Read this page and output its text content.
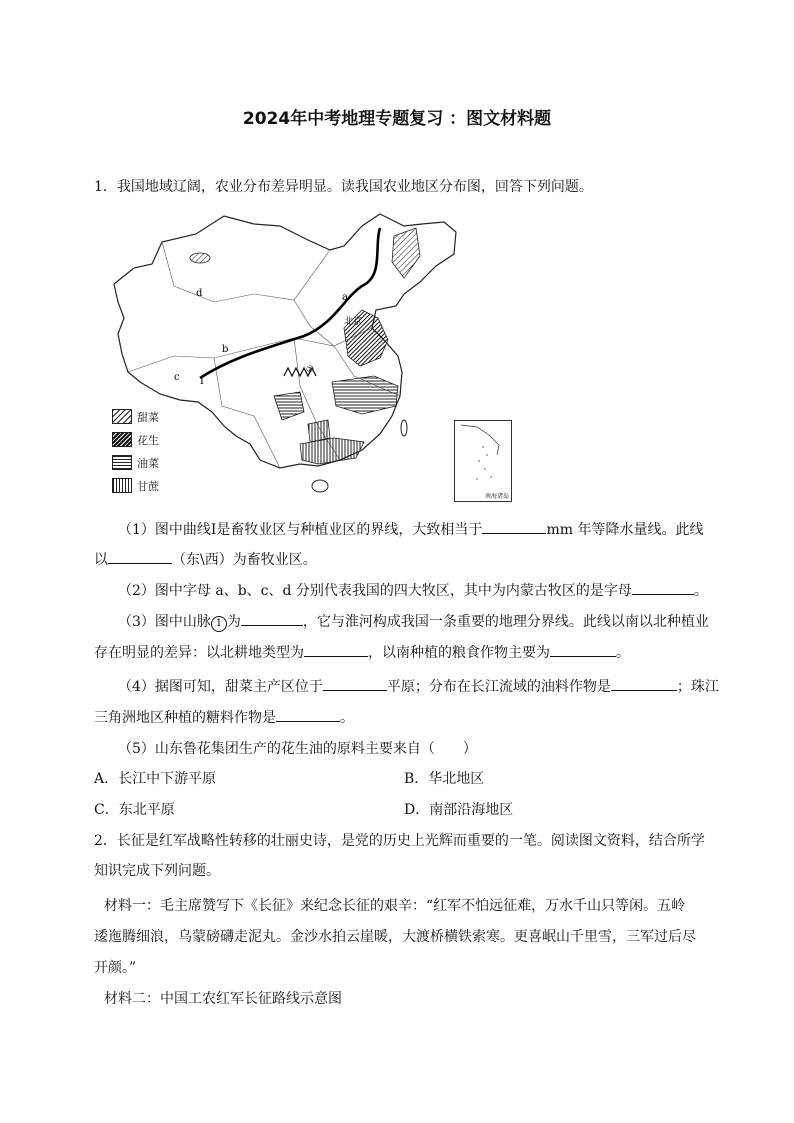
2024年中考地理专题复习 ：图文材料题
1．我国地域辽阔，农业分布差异明显。读我国农业地区分布图，回答下列问题。
d	a
b
c I
北京
①
甜菜
花生
油菜
甘蔗
南海诸岛
（1）图中曲线Ⅰ是畜牧业区与种植业区的界线，大致相当于	mm 年等降水量线。此线
以	（东\西）为畜牧业区。
（2）图中字母 a、b、c、d 分别代表我国的四大牧区，其中为内蒙古牧区的是字母	。
（3）图中山脉 1 为	，它与淮河构成我国一条重要的地理分界线。此线以南以北种植业
存在明显的差异：以北耕地类型为	，以南种植的粮食作物主要为	。
（4）据图可知，甜菜主产区位于	平原；分布在长江流域的油料作物是	；珠江
三角洲地区种植的糖料作物是	。
（5）山东鲁花集团生产的花生油的原料主要来自（　　）
A．长江中下游平原	B．华北地区
C．东北平原	D．南部沿海地区
2．长征是红军战略性转移的壮丽史诗，是党的历史上光辉而重要的一笔。阅读图文资料，结合所学
知识完成下列问题。
材料一：毛主席赞写下《长征》来纪念长征的艰辛：“红军不怕远征难，万水千山只等闲。五岭
逶迤腾细浪，乌蒙磅礴走泥丸。金沙水拍云崖暖，大渡桥横铁索寒。更喜岷山千里雪，三军过后尽
开颜。”
材料二：中国工农红军长征路线示意图
